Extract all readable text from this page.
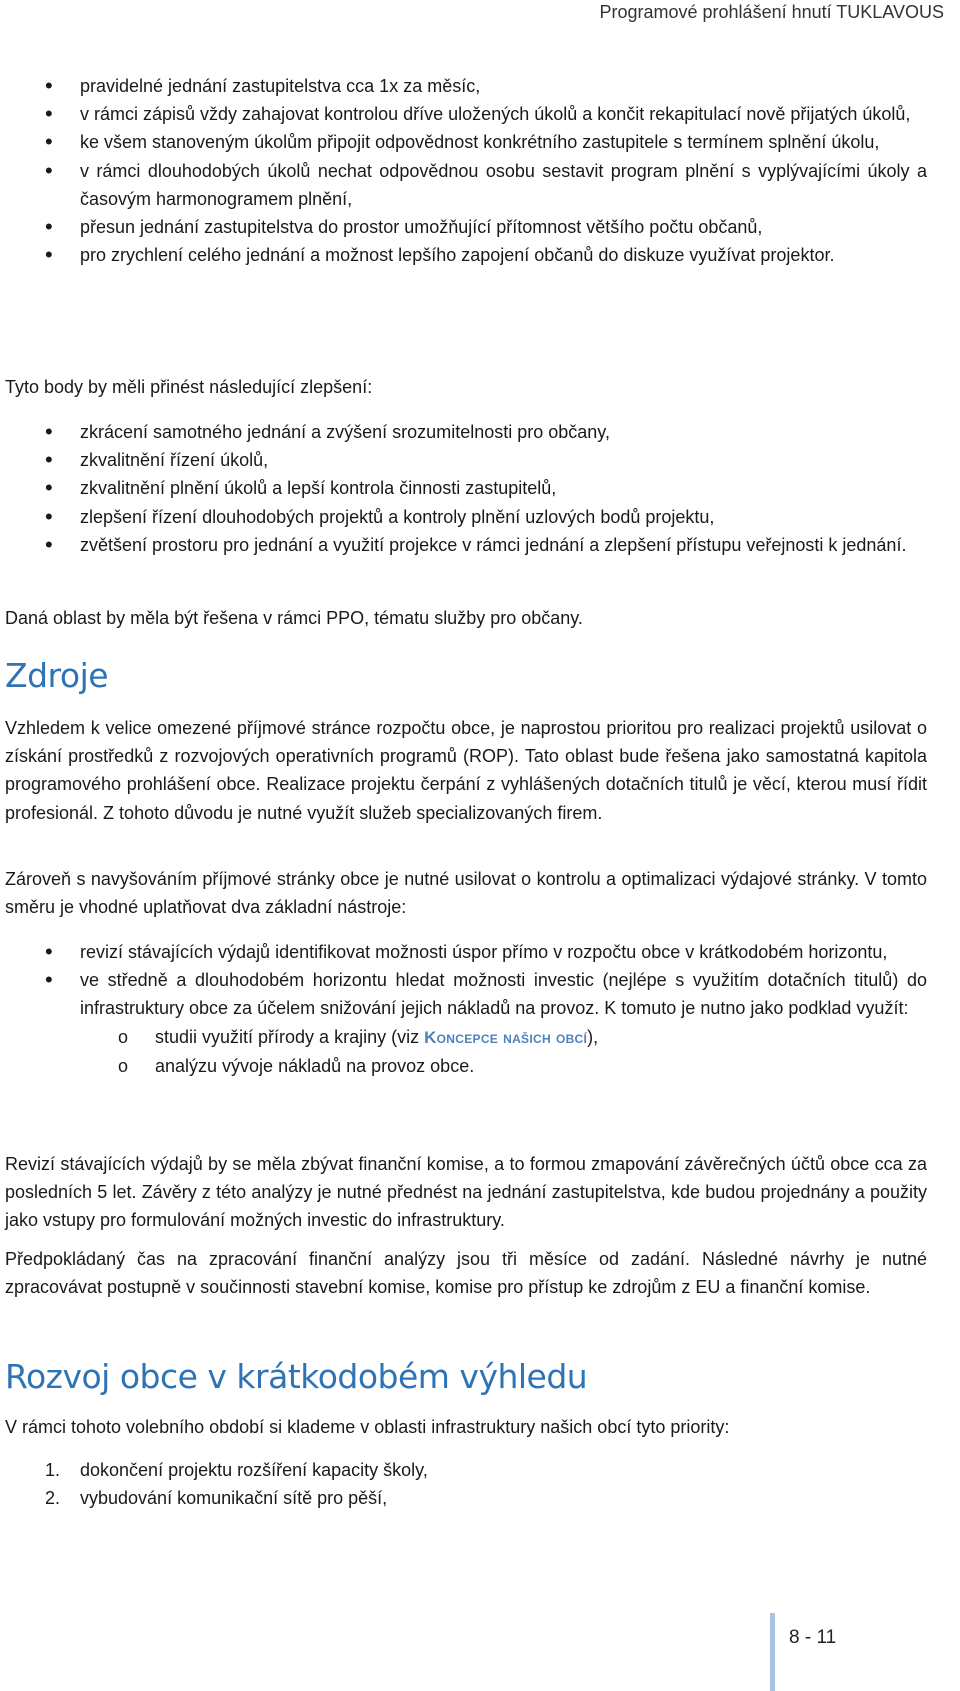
Programové prohlášení hnutí TUKLAVOUS
•
pravidelné jednání zastupitelstva cca 1x za měsíc,
•
v rámci zápisů vždy zahajovat kontrolou dříve uložených úkolů a končit rekapitulací nově přijatých úkolů,
•
ke všem stanoveným úkolům připojit odpovědnost konkrétního zastupitele s termínem splnění úkolu,
•
v rámci dlouhodobých úkolů nechat odpovědnou osobu sestavit program plnění s vyplývajícími úkoly a časovým harmonogramem plnění,
•
přesun jednání zastupitelstva do prostor umožňující přítomnost většího počtu občanů,
•
pro zrychlení celého jednání a možnost lepšího zapojení občanů do diskuze využívat projektor.

Tyto body by měli přinést následující zlepšení:

•
zkrácení samotného jednání a zvýšení srozumitelnosti pro občany,
•
zkvalitnění řízení úkolů,
•
zkvalitnění plnění úkolů a lepší kontrola činnosti zastupitelů,
•
zlepšení řízení dlouhodobých projektů a kontroly plnění uzlových bodů projektu,
•
zvětšení prostoru pro jednání a využití projekce v rámci jednání a zlepšení přístupu veřejnosti k jednání.

Daná oblast by měla být řešena v rámci PPO, tématu služby pro občany.

Zdroje

Vzhledem k velice omezené příjmové stránce rozpočtu obce, je naprostou prioritou pro realizaci projektů usilovat o získání prostředků z rozvojových operativních programů (ROP). Tato oblast bude řešena jako samostatná kapitola programového prohlášení obce. Realizace projektu čerpání z vyhlášených dotačních titulů je věcí, kterou musí řídit profesionál. Z tohoto důvodu je nutné využít služeb specializovaných firem.

Zároveň s navyšováním příjmové stránky obce je nutné usilovat o kontrolu a optimalizaci výdajové stránky. V tomto směru je vhodné uplatňovat dva základní nástroje:

•
revizí stávajících výdajů identifikovat možnosti úspor přímo v rozpočtu obce v krátkodobém horizontu,
•
ve středně a dlouhodobém horizontu hledat možnosti investic (nejlépe s využitím dotačních titulů) do infrastruktury obce za účelem snižování jejich nákladů na provoz. K tomuto je nutno jako podklad využít:
o studii využití přírody a krajiny (viz Koncepce našich obcí),
o analýzu vývoje nákladů na provoz obce.

Revizí stávajících výdajů by se měla zbývat finanční komise, a to formou zmapování závěrečných účtů obce cca za posledních 5 let. Závěry z této analýzy je nutné přednést na jednání zastupitelstva, kde budou projednány a použity jako vstupy pro formulování možných investic do infrastruktury.

Předpokládaný čas na zpracování finanční analýzy jsou tři měsíce od zadání. Následné návrhy je nutné zpracovávat postupně v součinnosti stavební komise, komise pro přístup ke zdrojům z EU a finanční komise.

Rozvoj obce v krátkodobém výhledu

V rámci tohoto volebního období si klademe v oblasti infrastruktury našich obcí tyto priority:

1. dokončení projektu rozšíření kapacity školy,
2. vybudování komunikační sítě pro pěší,
8 - 11
